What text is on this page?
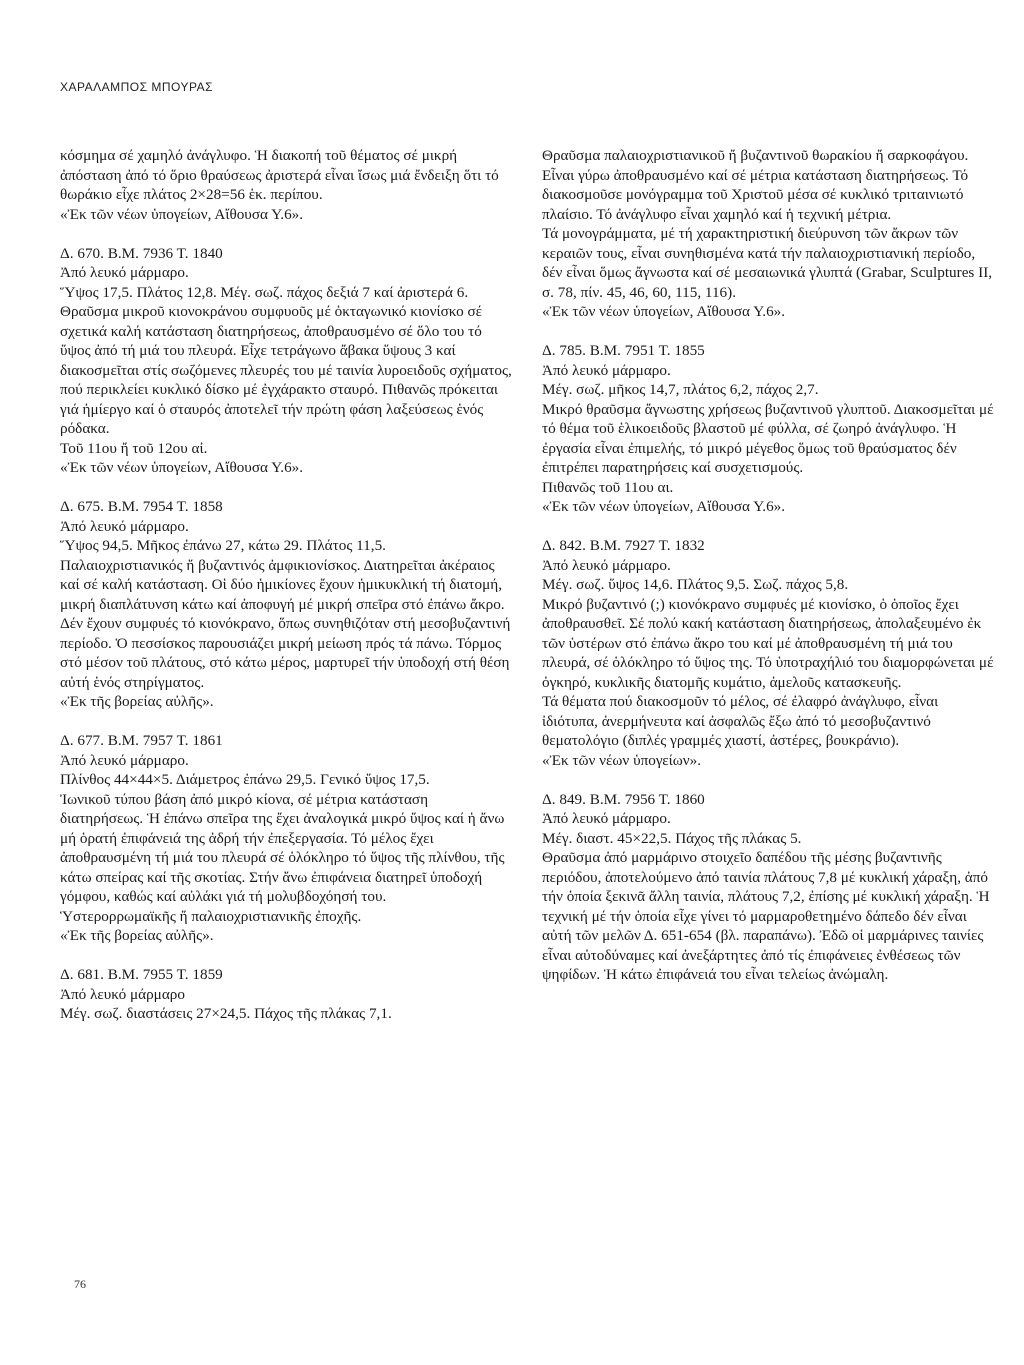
ΧΑΡΑΛΑΜΠΟΣ ΜΠΟΥΡΑΣ

κόσμημα σέ χαμηλό ἀνάγλυφο. Ἡ διακοπή τοῦ θέματος σέ μικρή ἀπόσταση ἀπό τό ὅριο θραύσεως ἀριστερά εἶναι ἴσως μιά ἔνδειξη ὅτι τό θωράκιο εἶχε πλάτος 2×28=56 ἑκ. περίπου.

«Ἐκ τῶν νέων ὑπογείων, Αἴθουσα Υ.6».

Δ. 670. Β.Μ. 7936 Τ. 1840

Ἀπό λευκό μάρμαρο.

Ὕψος 17,5. Πλάτος 12,8. Μέγ. σωζ. πάχος δεξιά 7 καί ἀριστερά 6.

Θραῦσμα μικροῦ κιονοκράνου συμφυοῦς μέ ὀκταγωνικό κιονίσκο σέ σχετικά καλή κατάσταση διατηρήσεως, ἀποθραυσμένο σέ ὅλο του τό ὕψος ἀπό τή μιά του πλευρά. Εἶχε τετράγωνο ἄβακα ὕψους 3 καί διακοσμεῖται στίς σωζόμενες πλευρές του μέ ταινία λυροειδοῦς σχήματος, πού περικλείει κυκλικό δίσκο μέ ἐγχάρακτο σταυρό. Πιθανῶς πρόκειται γιά ἡμίεργο καί ὁ σταυρός ἀποτελεῖ τήν πρώτη φάση λαξεύσεως ἑνός ρόδακα.

Τοῦ 11ου ἤ τοῦ 12ου αἰ.

«Ἐκ τῶν νέων ὑπογείων, Αἴθουσα Υ.6».

Δ. 675. Β.Μ. 7954 Τ. 1858

Ἀπό λευκό μάρμαρο.

Ὕψος 94,5. Μῆκος ἐπάνω 27, κάτω 29. Πλάτος 11,5.

Παλαιοχριστιανικός ἤ βυζαντινός ἀμφικιονίσκος. Διατηρεῖται ἀκέραιος καί σέ καλή κατάσταση. Οἱ δύο ἡμικίονες ἔχουν ἡμικυκλική τή διατομή, μικρή διαπλάτυνση κάτω καί ἀποφυγή μέ μικρή σπεῖρα στό ἐπάνω ἄκρο. Δέν ἔχουν συμφυές τό κιονόκρανο, ὅπως συνηθιζόταν στή μεσοβυζαντινή περίοδο. Ὁ πεσσίσκος παρουσιάζει μικρή μείωση πρός τά πάνω. Τόρμος στό μέσον τοῦ πλάτους, στό κάτω μέρος, μαρτυρεῖ τήν ὑποδοχή στή θέση αὐτή ἑνός στηρίγματος.

«Ἐκ τῆς βορείας αὐλῆς».

Δ. 677. Β.Μ. 7957 Τ. 1861

Ἀπό λευκό μάρμαρο.

Πλίνθος 44×44×5. Διάμετρος ἐπάνω 29,5. Γενικό ὕψος 17,5.

Ἰωνικοῦ τύπου βάση ἀπό μικρό κίονα, σέ μέτρια κατάσταση διατηρήσεως. Ἡ ἐπάνω σπεῖρα της ἔχει ἀναλογικά μικρό ὕψος καί ἡ ἄνω μή ὁρατή ἐπιφάνειά της ἀδρή τήν ἐπεξεργασία. Τό μέλος ἔχει ἀποθραυσμένη τή μιά του πλευρά σέ ὁλόκληρο τό ὕψος τῆς πλίνθου, τῆς κάτω σπείρας καί τῆς σκοτίας. Στήν ἄνω ἐπιφάνεια διατηρεῖ ὑποδοχή γόμφου, καθώς καί αὐλάκι γιά τή μολυβδοχόησή του.

Ὑστερορρωμαϊκῆς ἤ παλαιοχριστιανικῆς ἐποχῆς.

«Ἐκ τῆς βορείας αὐλῆς».

Δ. 681. Β.Μ. 7955 Τ. 1859

Ἀπό λευκό μάρμαρο

Μέγ. σωζ. διαστάσεις 27×24,5. Πάχος τῆς πλάκας 7,1.

Θραῦσμα παλαιοχριστιανικοῦ ἤ βυζαντινοῦ θωρακίου ἤ σαρκοφάγου. Εἶναι γύρω ἀποθραυσμένο καί σέ μέτρια κατάσταση διατηρήσεως. Τό διακοσμοῦσε μονόγραμμα τοῦ Χριστοῦ μέσα σέ κυκλικό τριταινιωτό πλαίσιο. Τό ἀνάγλυφο εἶναι χαμηλό καί ἡ τεχνική μέτρια.

Τά μονογράμματα, μέ τή χαρακτηριστική διεύρυνση τῶν ἄκρων τῶν κεραιῶν τους, εἶναι συνηθισμένα κατά τήν παλαιοχριστιανική περίοδο, δέν εἶναι ὅμως ἄγνωστα καί σέ μεσαιωνικά γλυπτά (Grabar, Sculptures II, σ. 78, πίν. 45, 46, 60, 115, 116).

«Ἐκ τῶν νέων ὑπογείων, Αἴθουσα Υ.6».

Δ. 785. Β.Μ. 7951 Τ. 1855

Ἀπό λευκό μάρμαρο.

Μέγ. σωζ. μῆκος 14,7, πλάτος 6,2, πάχος 2,7.

Μικρό θραῦσμα ἄγνωστης χρήσεως βυζαντινοῦ γλυπτοῦ. Διακοσμεῖται μέ τό θέμα τοῦ ἑλικοειδοῦς βλαστοῦ μέ φύλλα, σέ ζωηρό ἀνάγλυφο. Ἡ ἐργασία εἶναι ἐπιμελής, τό μικρό μέγεθος ὅμως τοῦ θραύσματος δέν ἐπιτρέπει παρατηρήσεις καί συσχετισμούς.

Πιθανῶς τοῦ 11ου αι.

«Ἐκ τῶν νέων ὑπογείων, Αἴθουσα Υ.6».

Δ. 842. Β.Μ. 7927 Τ. 1832

Ἀπό λευκό μάρμαρο.

Μέγ. σωζ. ὕψος 14,6. Πλάτος 9,5. Σωζ. πάχος 5,8.

Μικρό βυζαντινό (;) κιονόκρανο συμφυές μέ κιονίσκο, ὁ ὁποῖος ἔχει ἀποθραυσθεῖ. Σέ πολύ κακή κατάσταση διατηρήσεως, ἀπολαξευμένο ἐκ τῶν ὑστέρων στό ἐπάνω ἄκρο του καί μέ ἀποθραυσμένη τή μιά του πλευρά, σέ ὁλόκληρο τό ὕψος της. Τό ὑποτραχήλιό του διαμορφώνεται μέ ὀγκηρό, κυκλικῆς διατομῆς κυμάτιο, ἀμελοῦς κατασκευῆς.

Τά θέματα πού διακοσμοῦν τό μέλος, σέ ἐλαφρό ἀνάγλυφο, εἶναι ἰδιότυπα, ἀνερμήνευτα καί ἀσφαλῶς ἔξω ἀπό τό μεσοβυζαντινό θεματολόγιο (διπλές γραμμές χιαστί, ἀστέρες, βουκράνιο).

«Ἐκ τῶν νέων ὑπογείων».

Δ. 849. Β.Μ. 7956 Τ. 1860

Ἀπό λευκό μάρμαρο.

Μέγ. διαστ. 45×22,5. Πάχος τῆς πλάκας 5.

Θραῦσμα ἀπό μαρμάρινο στοιχεῖο δαπέδου τῆς μέσης βυζαντινῆς περιόδου, ἀποτελούμενο ἀπό ταινία πλάτους 7,8 μέ κυκλική χάραξη, ἀπό τήν ὁποία ξεκινᾶ ἄλλη ταινία, πλάτους 7,2, ἐπίσης μέ κυκλική χάραξη. Ἡ τεχνική μέ τήν ὁποία εἶχε γίνει τό μαρμαροθετημένο δάπεδο δέν εἶναι αὐτή τῶν μελῶν Δ. 651-654 (βλ. παραπάνω). Ἐδῶ οἱ μαρμάρινες ταινίες εἶναι αὐτοδύναμες καί ἀνεξάρτητες ἀπό τίς ἐπιφάνειες ἐνθέσεως τῶν ψηφίδων. Ἡ κάτω ἐπιφάνειά του εἶναι τελείως ἀνώμαλη.

76
